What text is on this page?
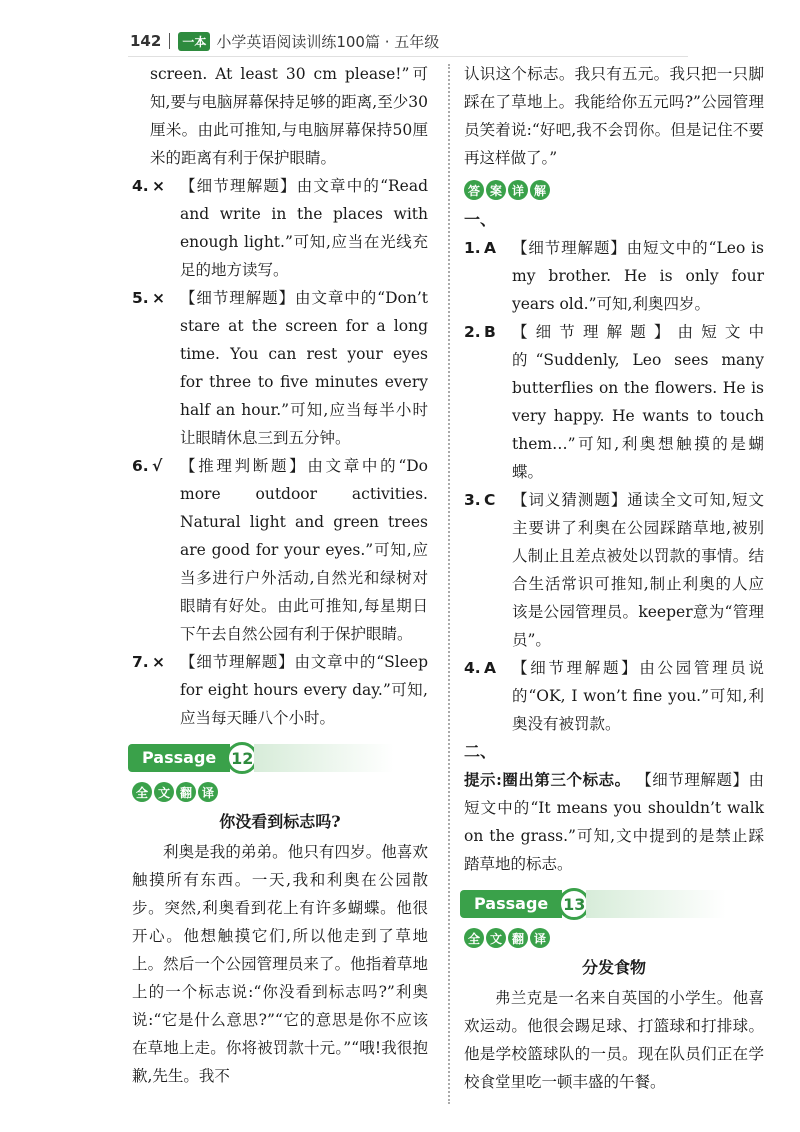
142	一本 小学英语阅读训练100篇 · 五年级

screen. At least 30 cm please!”可知,要与电脑屏幕保持足够的距离,至少30厘米。由此可推知,与电脑屏幕保持50厘米的距离有利于保护眼睛。

4. × 【细节理解题】由文章中的“Read and write in the places with enough light.”可知,应当在光线充足的地方读写。
5. × 【细节理解题】由文章中的“Don’t stare at the screen for a long time. You can rest your eyes for three to five minutes every half an hour.”可知,应当每半小时让眼睛休息三到五分钟。
6. √	【推理判断题】由文章中的“Do more outdoor activities. Natural light and green trees are good for your eyes.”可知,应当多进行户外活动,自然光和绿树对眼睛有好处。由此可推知,每星期日下午去自然公园有利于保护眼睛。
7. × 【细节理解题】由文章中的“Sleep for eight hours every day.”可知,应当每天睡八个小时。
Passage 12
全 文 翻 译
你没看到标志吗?

利奥是我的弟弟。他只有四岁。他喜欢触摸所有东西。一天,我和利奥在公园散步。突然,利奥看到花上有许多蝴蝶。他很开心。他想触摸它们,所以他走到了草地上。然后一个公园管理员来了。他指着草地上的一个标志说:“你没看到标志吗?”利奥说:“它是什么意思?”“它的意思是你不应该在草地上走。你将被罚款十元。”“哦!我很抱歉,先生。我不

认识这个标志。我只有五元。我只把一只脚踩在了草地上。我能给你五元吗?”公园管理员笑着说:“好吧,我不会罚你。但是记住不要再这样做了。”

答 案 详 解
一、
1. A	【细节理解题】由短文中的“Leo is my brother. He is only four years old.”可知,利奥四岁。
2. B	【细节理解题】由短文中的“Suddenly, Leo sees many butterflies on the flowers. He is very happy. He wants to touch them…”可知,利奥想触摸的是蝴蝶。
3. C	【词义猜测题】通读全文可知,短文主要讲了利奥在公园踩踏草地,被别人制止且差点被处以罚款的事情。结合生活常识可推知,制止利奥的人应该是公园管理员。keeper意为“管理员”。
4. A	【细节理解题】由公园管理员说的“OK, I won’t fine you.”可知,利奥没有被罚款。
二、

提示:圈出第三个标志。 【细节理解题】由短文中的“It means you shouldn’t walk on the grass.”可知,文中提到的是禁止踩踏草地的标志。

Passage 13
全 文 翻 译
分发食物

弗兰克是一名来自英国的小学生。他喜欢运动。他很会踢足球、打篮球和打排球。他是学校篮球队的一员。现在队员们正在学校食堂里吃一顿丰盛的午餐。
